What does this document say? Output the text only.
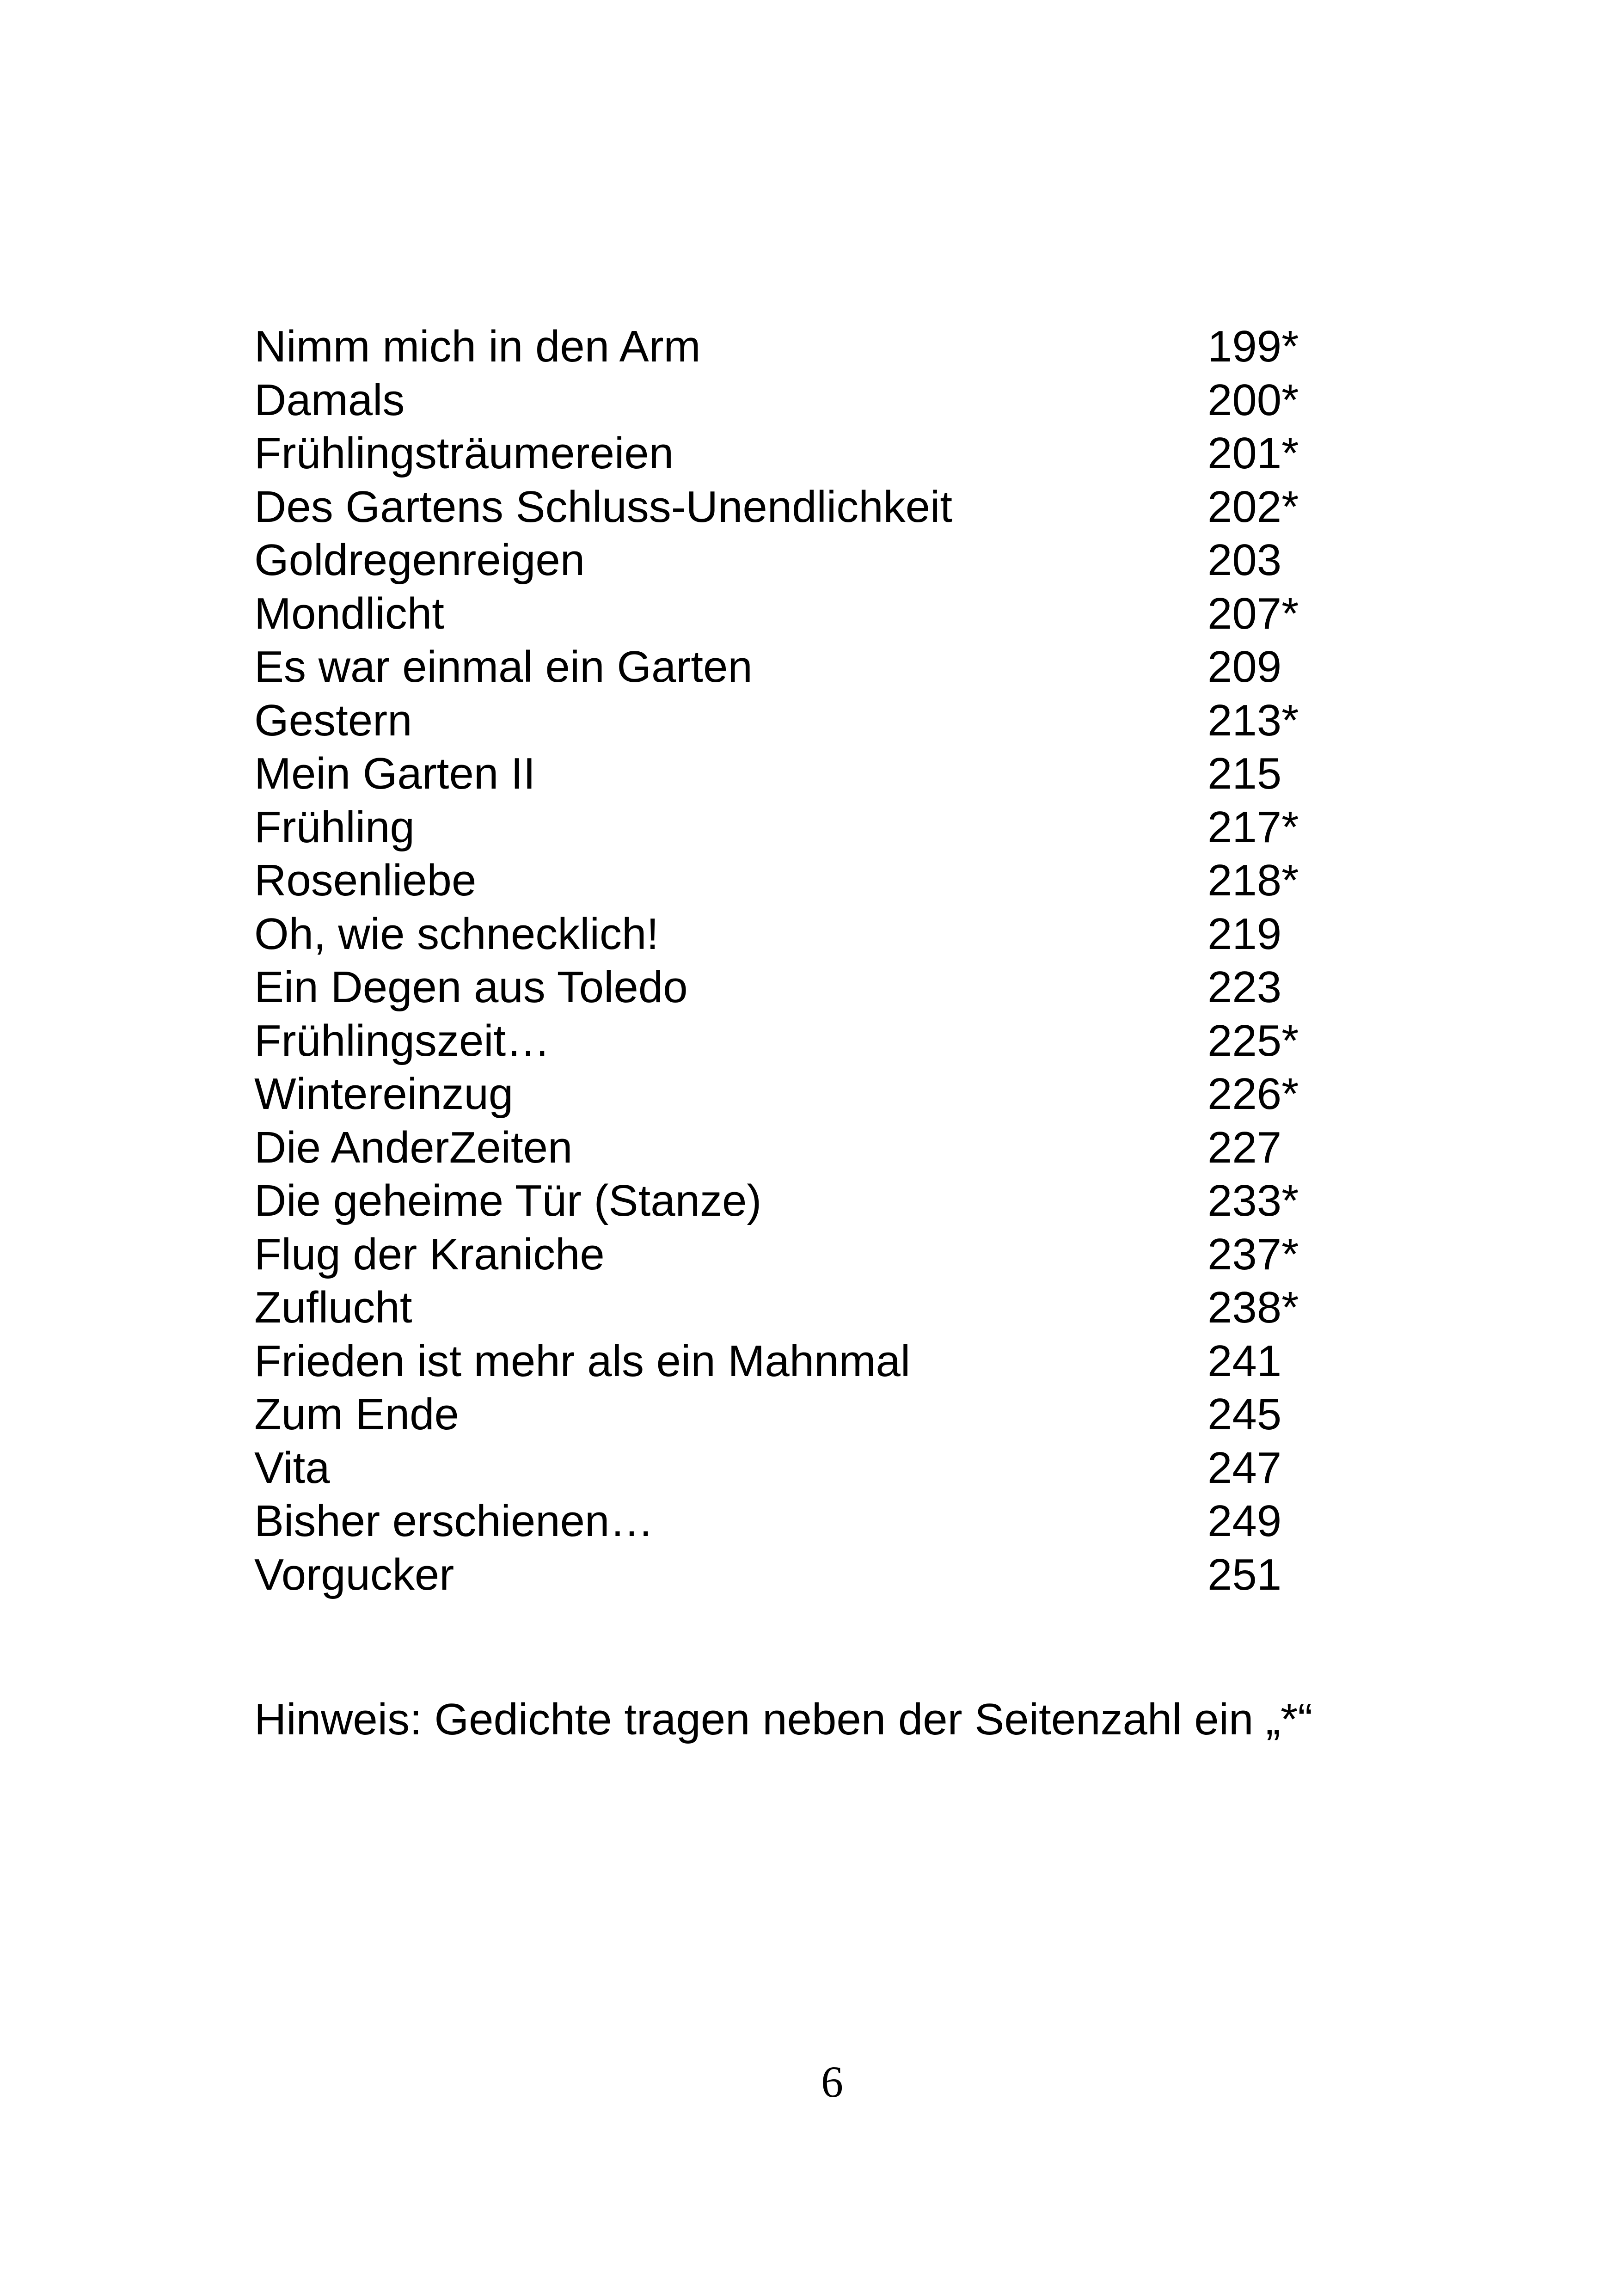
Nimm mich in den Arm	199*
Damals	200*
Frühlingsträumereien	201*
Des Gartens Schluss-Unendlichkeit	202*
Goldregenreigen	203
Mondlicht	207*
Es war einmal ein Garten	209
Gestern	213*
Mein Garten II	215
Frühling	217*
Rosenliebe	218*
Oh, wie schnecklich!	219
Ein Degen aus Toledo	223
Frühlingszeit…	225*
Wintereinzug	226*
Die AnderZeiten	227
Die geheime Tür (Stanze)	233*
Flug der Kraniche	237*
Zuflucht	238*
Frieden ist mehr als ein Mahnmal	241
Zum Ende	245
Vita	247
Bisher erschienen…	249
Vorgucker	251
Hinweis: Gedichte tragen neben der Seitenzahl ein „*“
6
